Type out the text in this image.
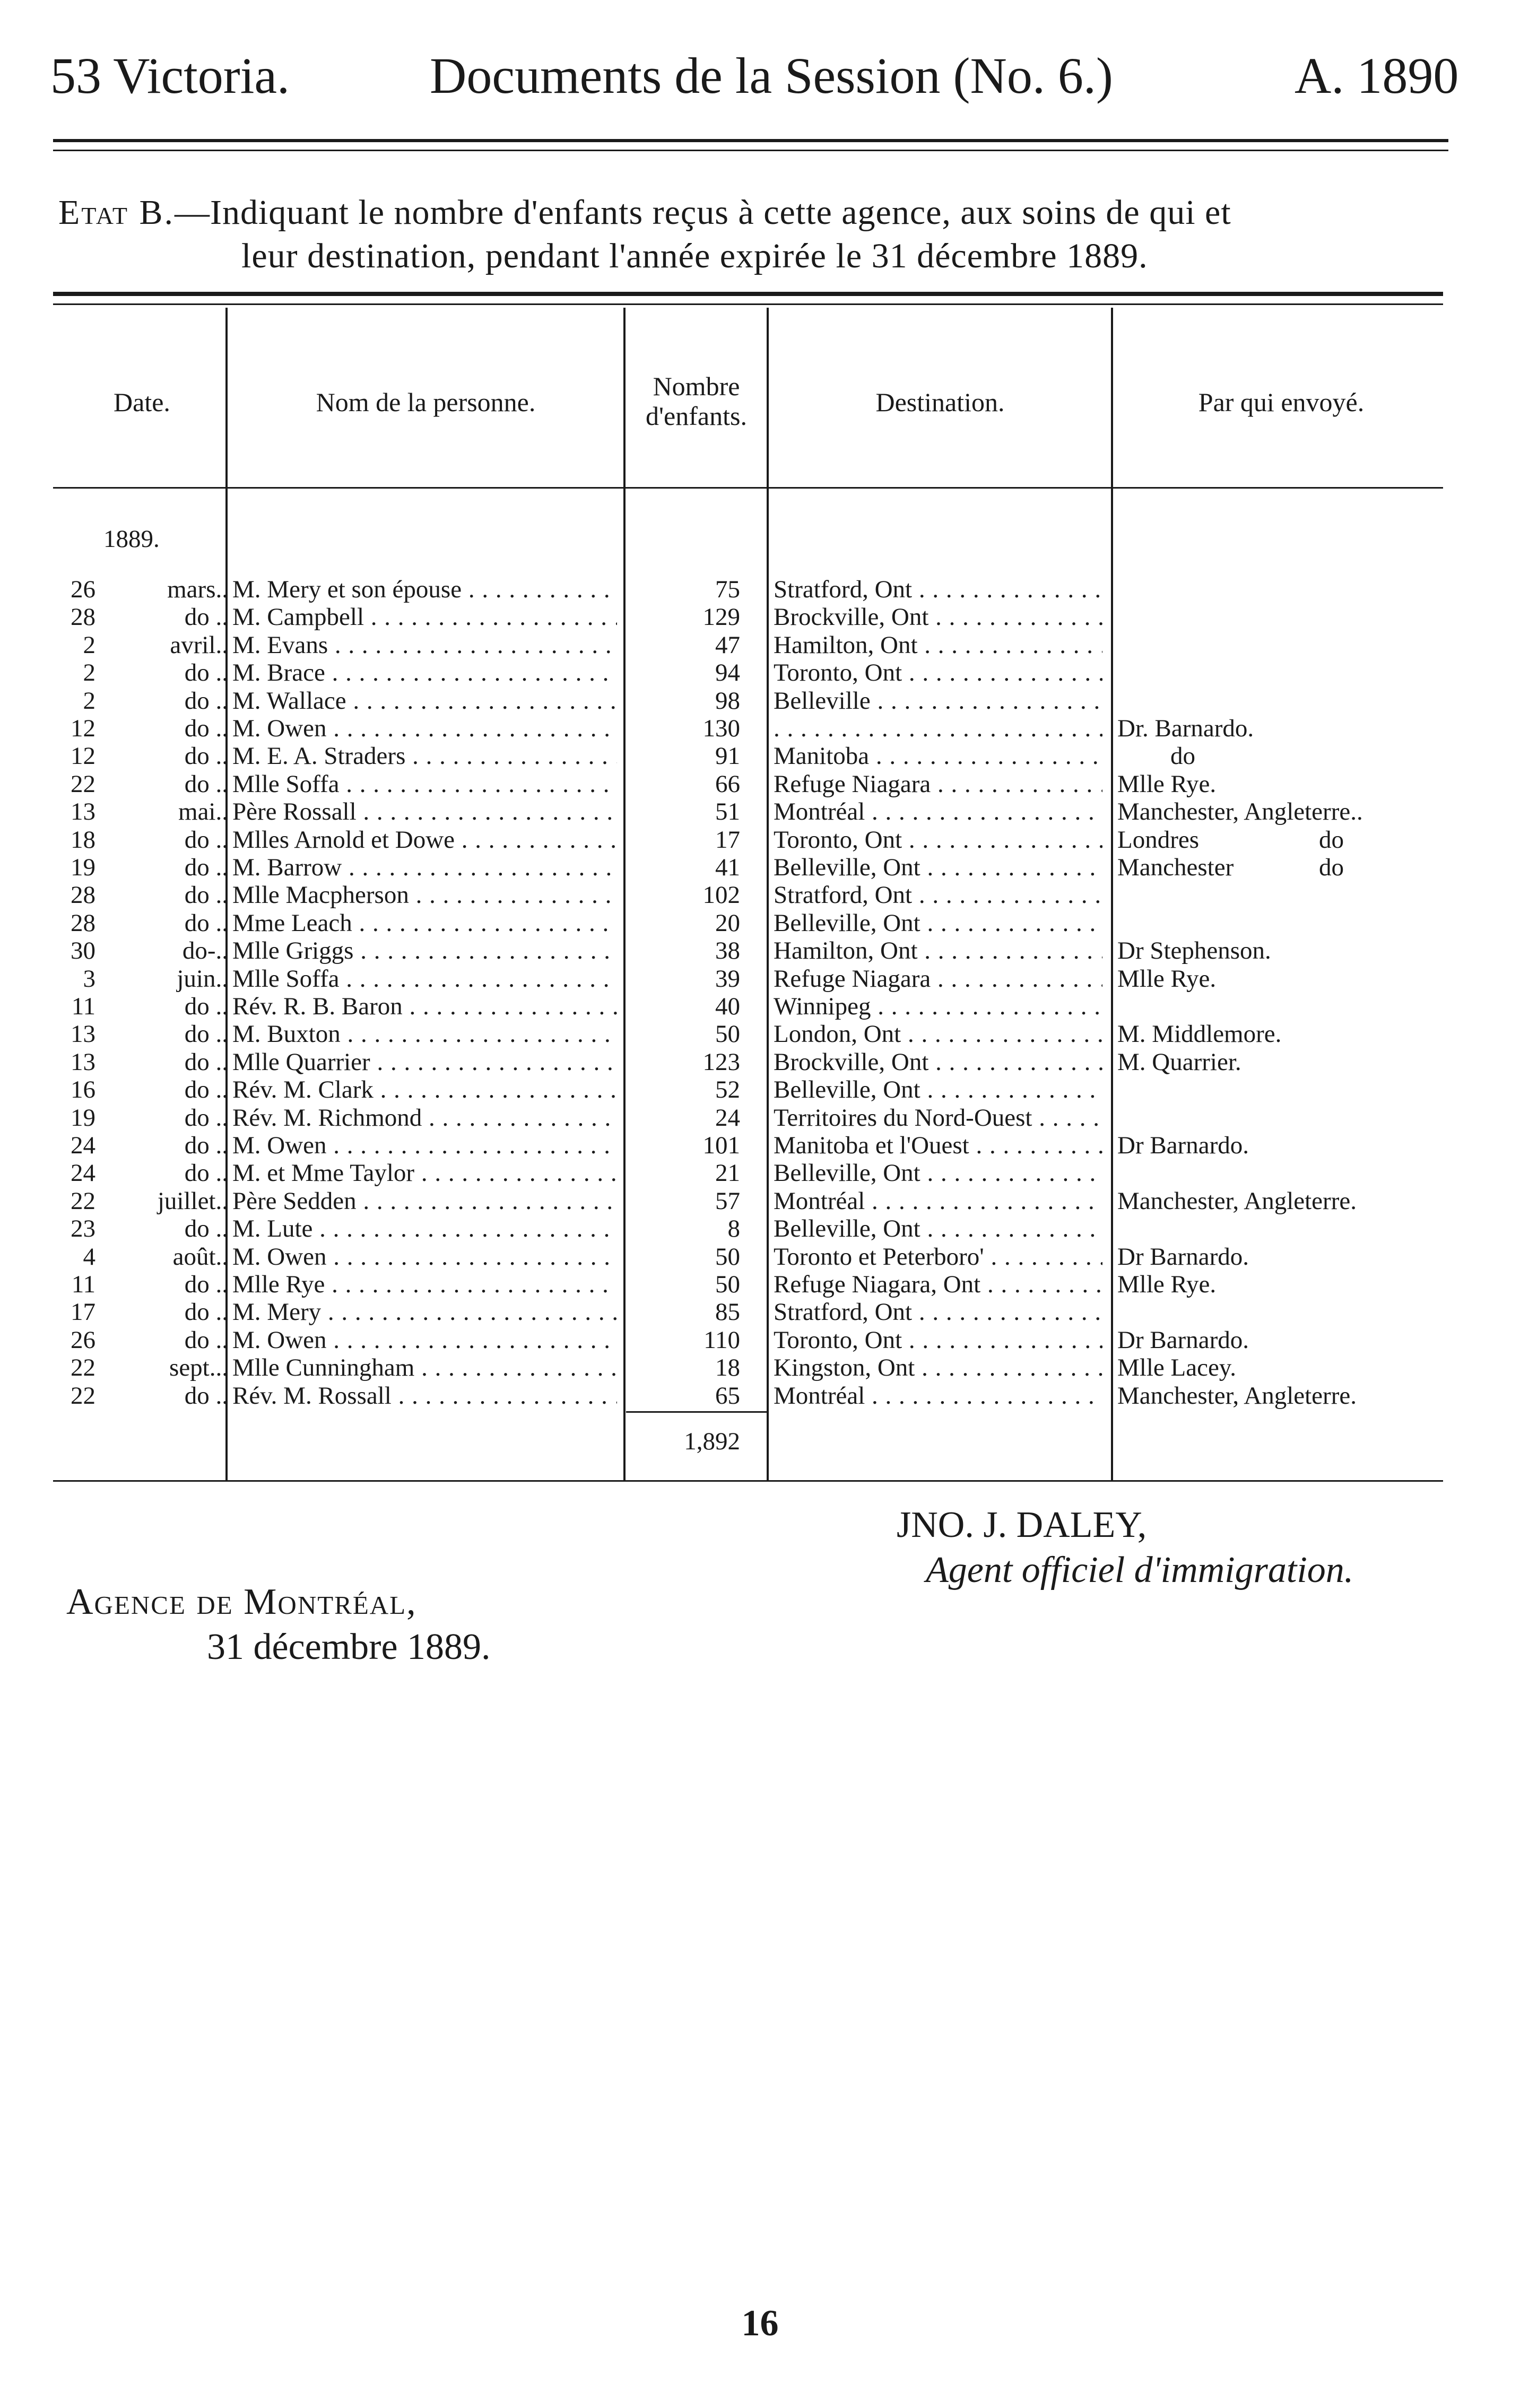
53 Victoria.	Documents de la Session (No. 6.)	A. 1890
Etat B.—Indiquant le nombre d'enfants reçus à cette agence, aux soins de qui et
leur destination, pendant l'année expirée le 31 décembre 1889.
Date.	Nom de la personne.
Nombre
d'enfants.	Destination.	Par qui envoyé.
1889.
26	mars.. M. Mery et son épouse . . .	75 Stratford, Ont . . .
28	do .. M. Campbell . . .	129 Brockville, Ont . . .
2	avril.. M. Evans . . .	47 Hamilton, Ont . . .
2	do .. M. Brace . . .	94 Toronto, Ont . . .
2	do .. M. Wallace . . .	98 Belleville . . .
12	do .. M. Owen . . .	130
. . .	Dr. Barnardo.
12	do .. M. E. A. Straders . . .	91 Manitoba . . .	do
22	do .. Mlle Soffa . . .	66 Refuge Niagara . . .	Mlle Rye.
13	mai.. Père Rossall . . .	51 Montréal . . .	Manchester, Angleterre..
18	do .. Mlles Arnold et Dowe . . .	17 Toronto, Ont . . .	Londres	do
19	do .. M. Barrow . . .	41 Belleville, Ont . . .	Manchester	do
28	do .. Mlle Macpherson . . .	102 Stratford, Ont . . .
28	do .. Mme Leach . . .	20 Belleville, Ont . . .
30	do-.. Mlle Griggs . . .	38 Hamilton, Ont . . .	Dr Stephenson.
3	juin.. Mlle Soffa . . .	39 Refuge Niagara . . .	Mlle Rye.
11	do .. Rév. R. B. Baron . . .	40 Winnipeg . . .
13	do .. M. Buxton . . .	50 London, Ont . . .	M. Middlemore.
13	do .. Mlle Quarrier . . .	123 Brockville, Ont . . .	M. Quarrier.
16	do .. Rév. M. Clark . . .	52 Belleville, Ont . . .
19	do .. Rév. M. Richmond . . .	24 Territoires du Nord-Ouest . . .
24	do .. M. Owen . . .	101 Manitoba et l'Ouest . . .	Dr Barnardo.
24	do .. M. et Mme Taylor . . .	21 Belleville, Ont . . .
22	juillet.. Père Sedden . . .	57 Montréal . . .	Manchester, Angleterre.
23	do .. M. Lute . . .	8 Belleville, Ont . . .
4	août.. M. Owen . . .	50 Toronto et Peterboro' . . .	Dr Barnardo.
11	do .. Mlle Rye . . .	50 Refuge Niagara, Ont . . .	Mlle Rye.
17	do .. M. Mery . . .	85 Stratford, Ont . . .
26	do .. M. Owen . . .	110 Toronto, Ont . . .	Dr Barnardo.
22	sept... Mlle Cunningham . . .	18 Kingston, Ont . . .	Mlle Lacey.
22	do .. Rév. M. Rossall . . .	65 Montréal . . .	Manchester, Angleterre.
1,892
JNO. J. DALEY,
Agent officiel d'immigration.
Agence de Montréal,
31 décembre 1889.
16
